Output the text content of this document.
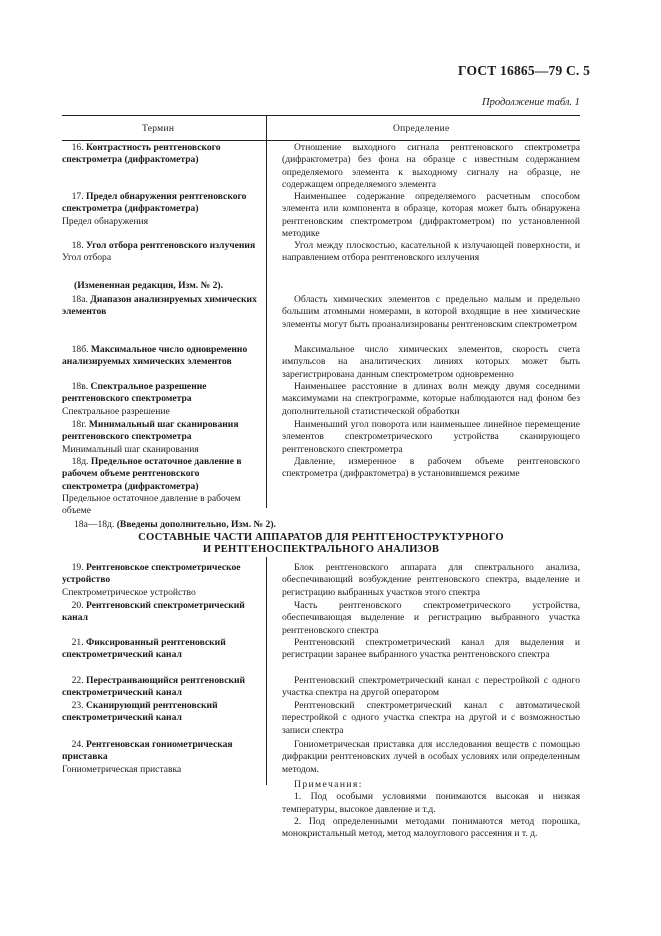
ГОСТ 16865—79 С. 5
Продолжение табл. 1
Термин	Определение
 16. Контрастность рентгеновского спектрометра (дифрактометра)
Отношение выходного сигнала рентгеновского спектрометра (дифрактометра) без фона на образце с известным содержанием определяемого элемента к выходному сигналу на образце, не содержащем определяемого элемента
 17. Предел обнаружения рентгеновского спектрометра (дифрактометра)
Предел обнаружения
Наименьшее содержание определяемого расчетным способом элемента или компонента в образце, которая может быть обнаружена рентгеновским спектрометром (дифрактометром) по установленной методике
 18. Угол отбора рентгеновского излучения
Угол отбора
Угол между плоскостью, касательной к излучающей поверхности, и направлением отбора рентгеновского излучения
(Измененная редакция, Изм. № 2).
 18а. Диапазон анализируемых химических элементов
Область химических элементов с предельно малым и предельно большим атомными номерами, в которой входящие в нее химические элементы могут быть проанализированы рентгеновским спектрометром
 18б. Максимальное число одновременно анализируемых химических элементов
Максимальное число химических элементов, скорость счета импульсов на аналитических линиях которых может быть зарегистрирована данным спектрометром одновременно
 18в. Спектральное разрешение рентгеновского спектрометра
Спектральное разрешение
Наименьшее расстояние в длинах волн между двумя соседними максимумами на спектрограмме, которые наблюдаются над фоном без дополнительной статистической обработки
 18г. Минимальный шаг сканирования рентгеновского спектрометра
Минимальный шаг сканирования
Наименьший угол поворота или наименьшее линейное перемещение элементов спектрометрического устройства сканирующего рентгеновского спектрометра
 18д. Предельное остаточное давление в рабочем объеме рентгеновского спектрометра (дифрактометра)
Предельное остаточное давление в рабочем объеме
Давление, измеренное в рабочем объеме рентгеновского спектрометра (дифрактометра) в установившемся режиме
18а—18д. (Введены дополнительно, Изм. № 2).
СОСТАВНЫЕ ЧАСТИ АППАРАТОВ ДЛЯ РЕНТГЕНОСТРУКТУРНОГО
И РЕНТГЕНОСПЕКТРАЛЬНОГО АНАЛИЗОВ
 19. Рентгеновское спектрометрическое устройство
Спектрометрическое устройство
Блок рентгеновского аппарата для спектрального анализа, обеспечивающий возбуждение рентгеновского спектра, выделение и регистрацию выбранных участков этого спектра
 20. Рентгеновский спектрометрический канал
Часть рентгеновского спектрометрического устройства, обеспечивающая выделение и регистрацию выбранного участка рентгеновского спектра
 21. Фиксированный рентгеновский спектрометрический канал
Рентгеновский спектрометрический канал для выделения и регистрации заранее выбранного участка рентгеновского спектра
 22. Перестраивающийся рентгеновский спектрометрический канал
Рентгеновский спектрометрический канал с перестройкой с одного участка спектра на другой оператором
 23. Сканирующий рентгеновский спектрометрический канал
Рентгеновский спектрометрический канал с автоматической перестройкой с одного участка спектра на другой и с возможностью записи спектра
 24. Рентгеновская гониометрическая приставка
Гониометрическая приставка
Гониометрическая приставка для исследования веществ с помощью дифракции рентгеновских лучей в особых условиях или определенным методом.

Примечания:

1. Под особыми условиями понимаются высокая и низкая температуры, высокое давление и т.д.

2. Под определенными методами понимаются метод порошка, монокристальный метод, метод малоуглового рассеяния и т. д.
